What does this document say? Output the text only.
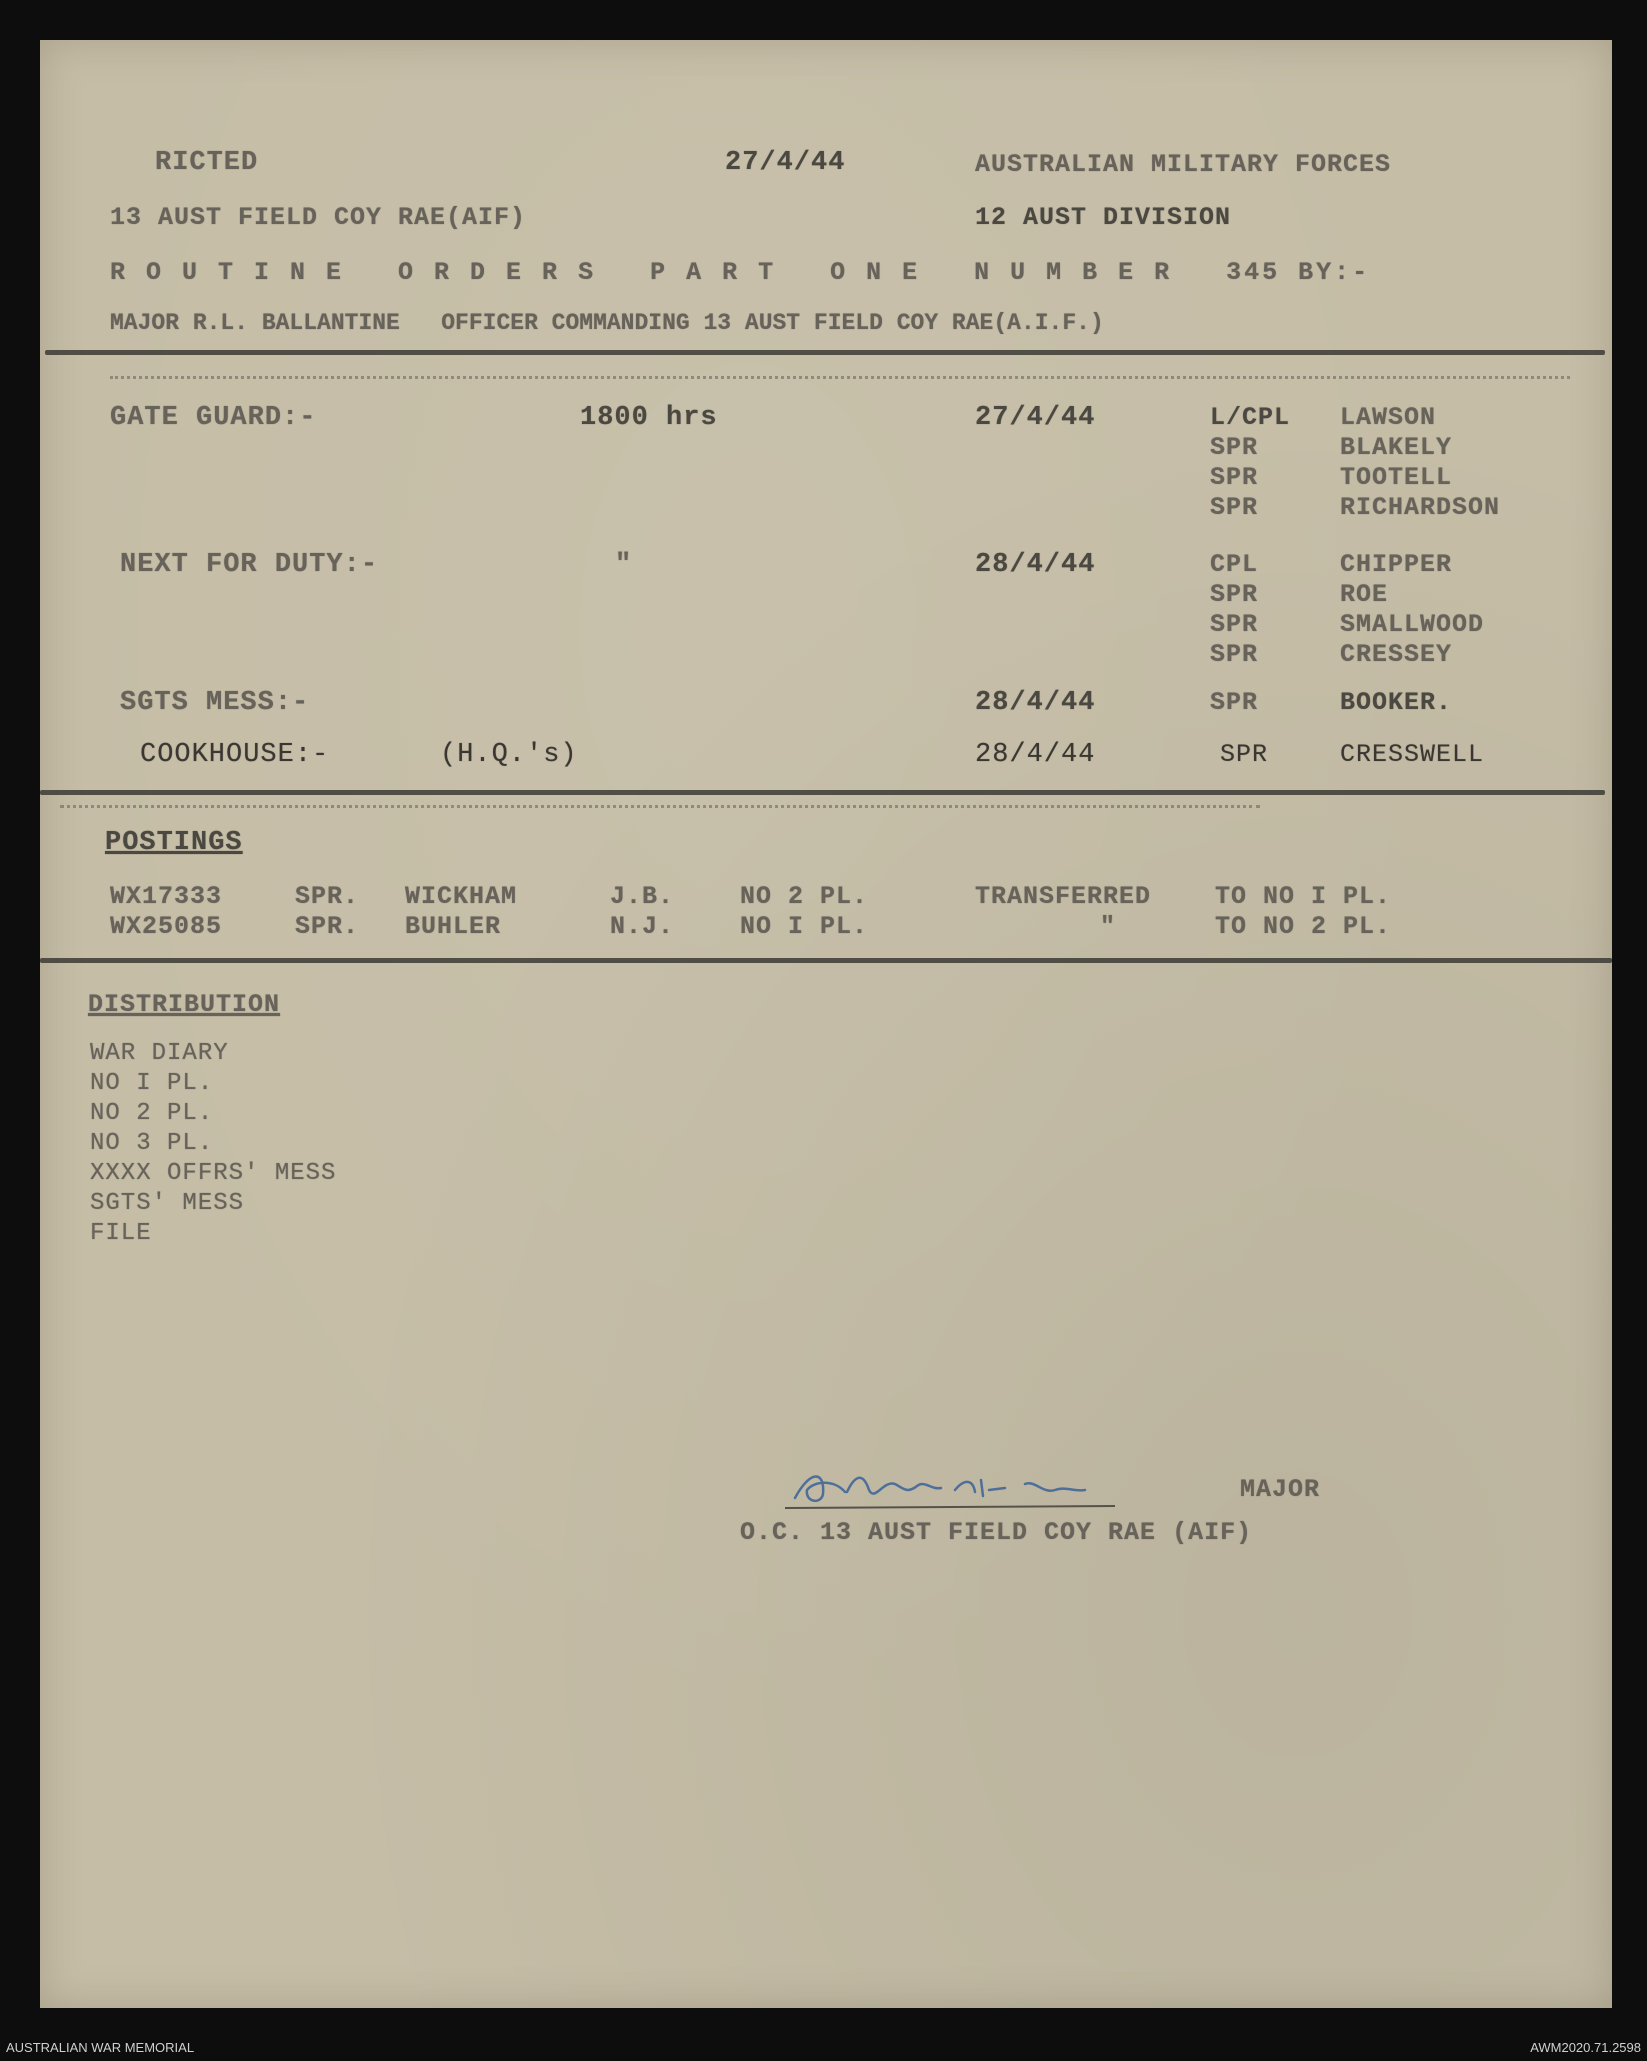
RICTED	27/4/44	AUSTRALIAN MILITARY FORCES
13 AUST FIELD COY RAE(AIF)	12 AUST DIVISION
R O U T I N E   O R D E R S   P A R T   O N E   N U M B E R   345 BY:-
MAJOR R.L. BALLANTINE   OFFICER COMMANDING 13 AUST FIELD COY RAE(A.I.F.)
GATE GUARD:-	1800 hrs	27/4/44	L/CPL LAWSON
SPR	BLAKELY
SPR	TOOTELL
SPR	RICHARDSON
NEXT FOR DUTY:-	"	28/4/44	CPL	CHIPPER
SPR	ROE
SPR	SMALLWOOD
SPR	CRESSEY
SGTS MESS:-	28/4/44	SPR	BOOKER.
COOKHOUSE:-	(H.Q.'s)	28/4/44	SPR	CRESSWELL
POSTINGS
WX17333	SPR. WICKHAM	J.B.	NO 2 PL.	TRANSFERRED	TO NO I PL.
WX25085	SPR. BUHLER	N.J.	NO I PL.	"	TO NO 2 PL.
DISTRIBUTION
WAR DIARY
NO I PL.
NO 2 PL.
NO 3 PL.
XXXX OFFRS' MESS
SGTS' MESS
FILE
MAJOR
O.C. 13 AUST FIELD COY RAE (AIF)
AUSTRALIAN WAR MEMORIAL	AWM2020.71.2598
